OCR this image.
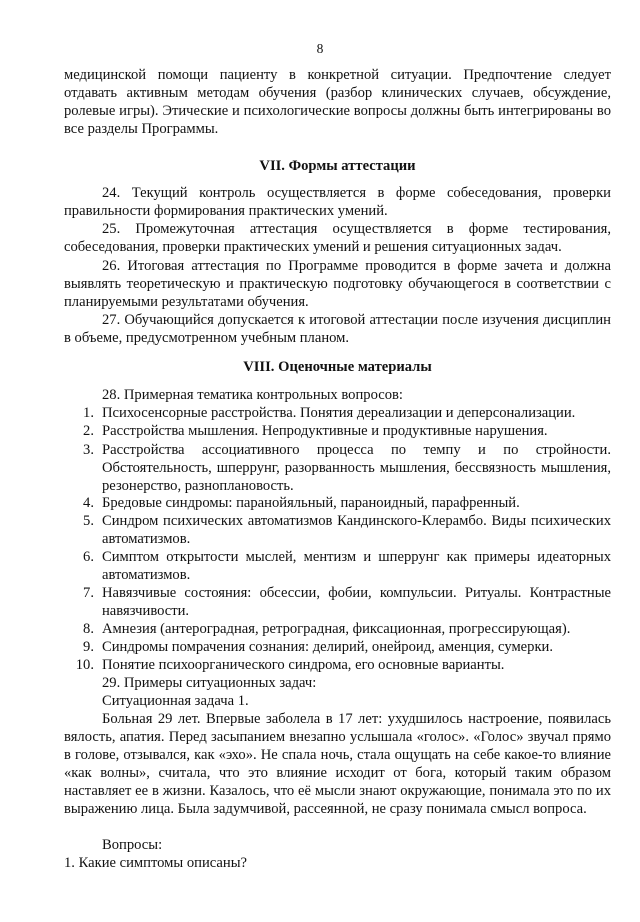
8
медицинской помощи пациенту в конкретной ситуации. Предпочтение следует отдавать активным методам обучения (разбор клинических случаев, обсуждение, ролевые игры). Этические и психологические вопросы должны быть интегрированы во все разделы Программы.
VII. Формы аттестации
24. Текущий контроль осуществляется в форме собеседования, проверки правильности формирования практических умений.
25. Промежуточная аттестация осуществляется в форме тестирования, собеседования, проверки практических умений и решения ситуационных задач.
26. Итоговая аттестация по Программе проводится в форме зачета и должна выявлять теоретическую и практическую подготовку обучающегося в соответствии с планируемыми результатами обучения.
27. Обучающийся допускается к итоговой аттестации после изучения дисциплин в объеме, предусмотренном учебным планом.
VIII. Оценочные материалы
28. Примерная тематика контрольных вопросов:
1. Психосенсорные расстройства. Понятия дереализации и деперсонализации.
2. Расстройства мышления. Непродуктивные и продуктивные нарушения.
3. Расстройства ассоциативного процесса по темпу и по стройности. Обстоятельность, шперрунг, разорванность мышления, бессвязность мышления, резонерство, разноплановость.
4. Бредовые синдромы: паранойяльный, параноидный, парафренный.
5. Синдром психических автоматизмов Кандинского-Клерамбо. Виды психических автоматизмов.
6. Симптом открытости мыслей, ментизм и шперрунг как примеры идеаторных автоматизмов.
7. Навязчивые состояния: обсессии, фобии, компульсии. Ритуалы. Контрастные навязчивости.
8. Амнезия (антероградная, ретроградная, фиксационная, прогрессирующая).
9. Синдромы помрачения сознания: делирий, онейроид, аменция, сумерки.
10. Понятие психоорганического синдрома, его основные варианты.
29. Примеры ситуационных задач:
Ситуационная задача 1.
Больная 29 лет. Впервые заболела в 17 лет: ухудшилось настроение, появилась вялость, апатия. Перед засыпанием внезапно услышала «голос». «Голос» звучал прямо в голове, отзывался, как «эхо». Не спала ночь, стала ощущать на себе какое-то влияние «как волны», считала, что это влияние исходит от бога, который таким образом наставляет ее в жизни. Казалось, что её мысли знают окружающие, понимала это по их выражению лица. Была задумчивой, рассеянной, не сразу понимала смысл вопроса.
Вопросы:
1. Какие симптомы описаны?
